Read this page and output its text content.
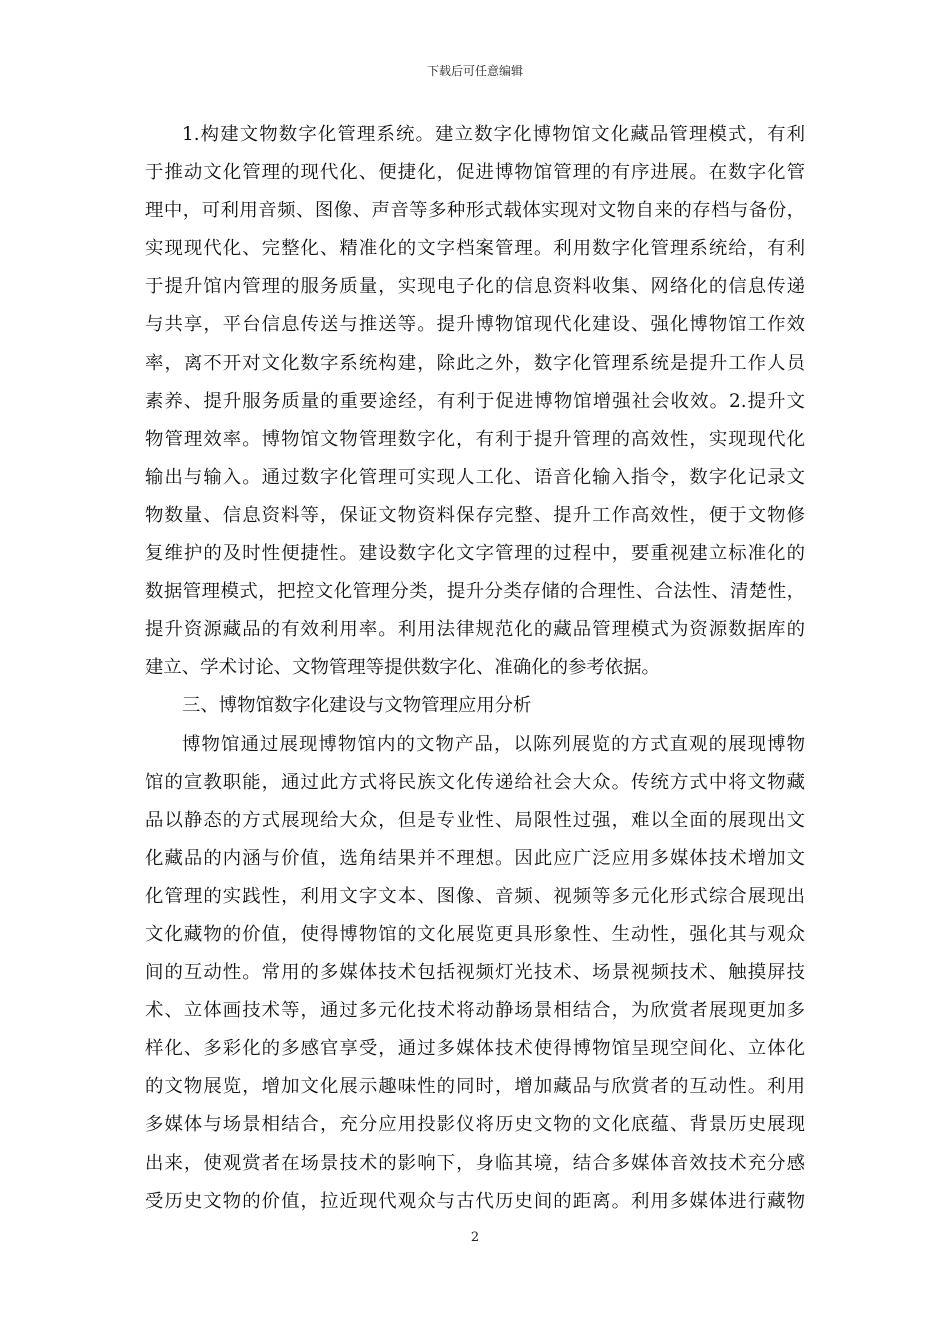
下载后可任意编辑
1.构建文物数字化管理系统。建立数字化博物馆文化藏品管理模式，有利
于推动文化管理的现代化、便捷化，促进博物馆管理的有序进展。在数字化管
理中，可利用音频、图像、声音等多种形式载体实现对文物自来的存档与备份，
实现现代化、完整化、精准化的文字档案管理。利用数字化管理系统给，有利
于提升馆内管理的服务质量，实现电子化的信息资料收集、网络化的信息传递
与共享，平台信息传送与推送等。提升博物馆现代化建设、强化博物馆工作效
率，离不开对文化数字系统构建，除此之外，数字化管理系统是提升工作人员
素养、提升服务质量的重要途经，有利于促进博物馆增强社会收效。2.提升文
物管理效率。博物馆文物管理数字化，有利于提升管理的高效性，实现现代化
输出与输入。通过数字化管理可实现人工化、语音化输入指令，数字化记录文
物数量、信息资料等，保证文物资料保存完整、提升工作高效性，便于文物修
复维护的及时性便捷性。建设数字化文字管理的过程中，要重视建立标准化的
数据管理模式，把控文化管理分类，提升分类存储的合理性、合法性、清楚性，
提升资源藏品的有效利用率。利用法律规范化的藏品管理模式为资源数据库的
建立、学术讨论、文物管理等提供数字化、准确化的参考依据。
三、博物馆数字化建设与文物管理应用分析
博物馆通过展现博物馆内的文物产品，以陈列展览的方式直观的展现博物
馆的宣教职能，通过此方式将民族文化传递给社会大众。传统方式中将文物藏
品以静态的方式展现给大众，但是专业性、局限性过强，难以全面的展现出文
化藏品的内涵与价值，选角结果并不理想。因此应广泛应用多媒体技术增加文
化管理的实践性，利用文字文本、图像、音频、视频等多元化形式综合展现出
文化藏物的价值，使得博物馆的文化展览更具形象性、生动性，强化其与观众
间的互动性。常用的多媒体技术包括视频灯光技术、场景视频技术、触摸屏技
术、立体画技术等，通过多元化技术将动静场景相结合，为欣赏者展现更加多
样化、多彩化的多感官享受，通过多媒体技术使得博物馆呈现空间化、立体化
的文物展览，增加文化展示趣味性的同时，增加藏品与欣赏者的互动性。利用
多媒体与场景相结合，充分应用投影仪将历史文物的文化底蕴、背景历史展现
出来，使观赏者在场景技术的影响下，身临其境，结合多媒体音效技术充分感
受历史文物的价值，拉近现代观众与古代历史间的距离。利用多媒体进行藏物
2
